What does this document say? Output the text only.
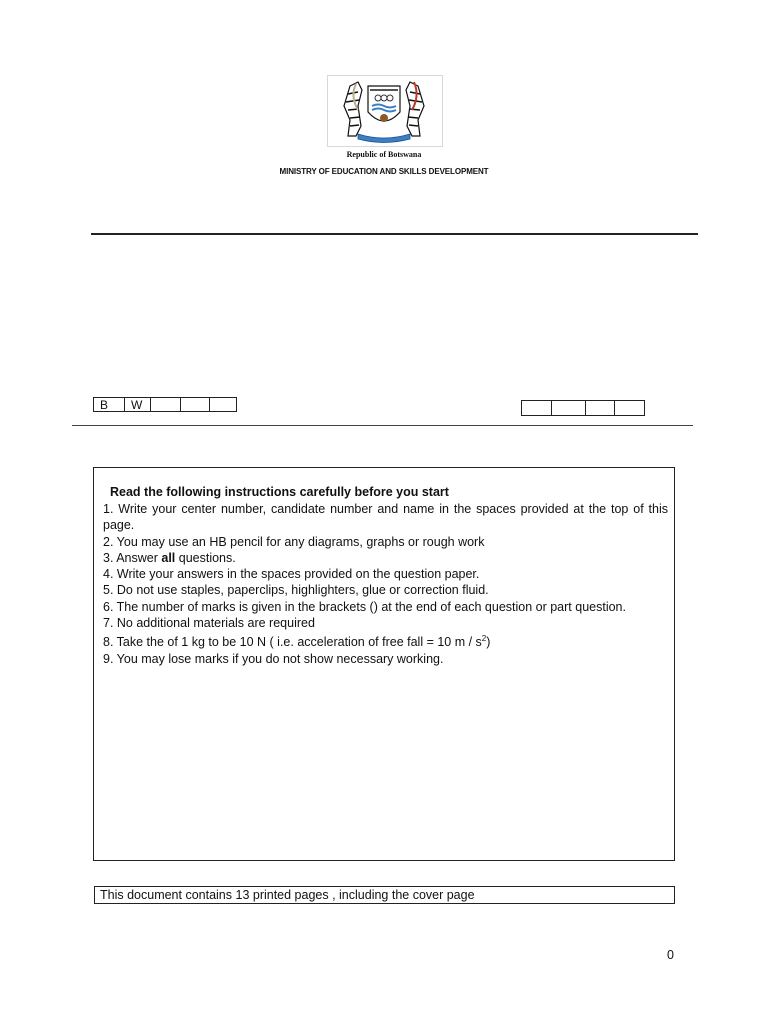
Republic of Botswana
MINISTRY OF EDUCATION AND SKILLS DEVELOPMENT
B	W
Read the following instructions carefully before you start
1. Write your center number, candidate number and name in the spaces provided at the top of this page.
2. You may use an HB pencil for any diagrams, graphs or rough work
3. Answer all questions.
4. Write your answers in the spaces provided on the question paper.
5. Do not use staples, paperclips, highlighters, glue or correction fluid.
6. The number of marks is given in the brackets () at the end of each question or part question.
7. No additional materials are required
8. Take the of 1 kg to be 10 N ( i.e. acceleration of free fall = 10 m / $s^2$)
9. You may lose marks if you do not show necessary working.
This document contains 13 printed pages , including the cover page
0
